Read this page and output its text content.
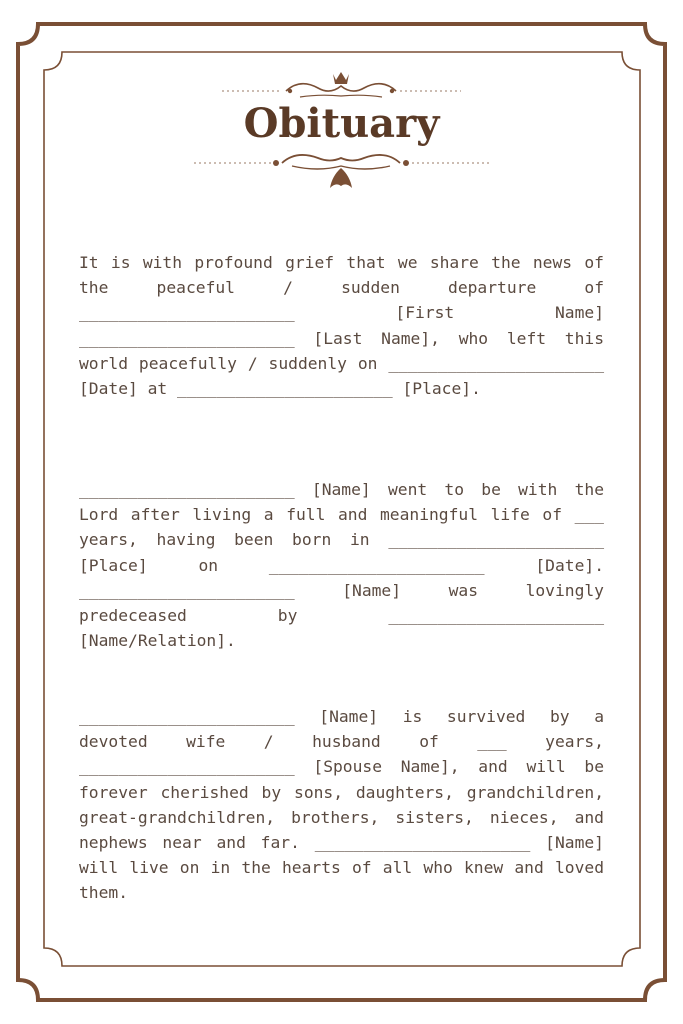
Obituary

It is with profound grief that we share the news of the peaceful / sudden departure of ______________________ [First Name] ______________________ [Last Name], who left this world peacefully / suddenly on ______________________ [Date] at ______________________ [Place].

______________________ [Name] went to be with the Lord after living a full and meaningful life of ___ years, having been born in ______________________ [Place] on ______________________ [Date]. ______________________ [Name] was lovingly predeceased by ______________________ [Name/Relation].

______________________ [Name] is survived by a devoted wife / husband of ___ years, ______________________ [Spouse Name], and will be forever cherished by sons, daughters, grandchildren, great-grandchildren, brothers, sisters, nieces, and nephews near and far. ______________________ [Name] will live on in the hearts of all who knew and loved them.
